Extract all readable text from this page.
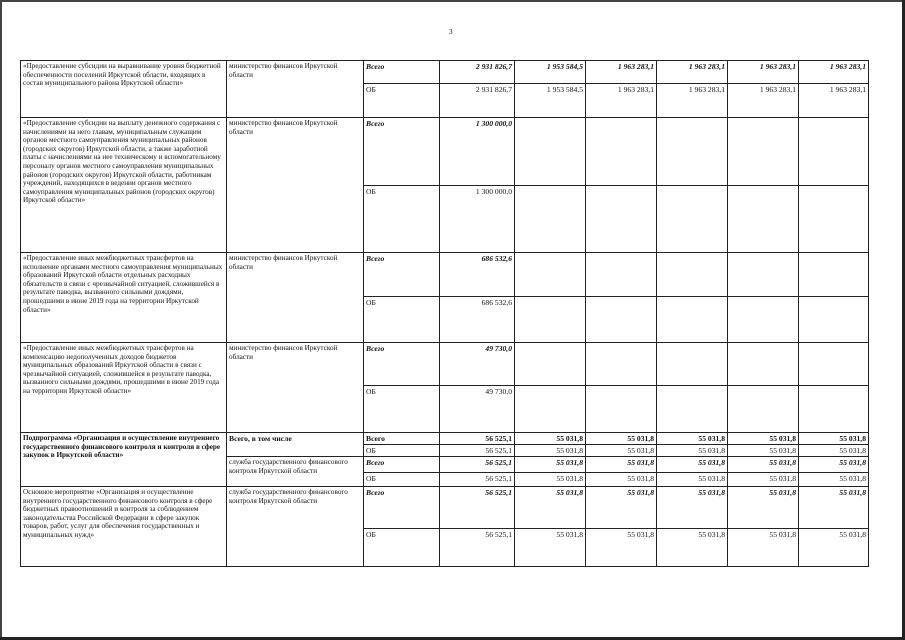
3
«Предоставление субсидии на выравнивание уровня бюджетной обеспеченности поселений Иркутской области, входящих в состав муниципального района Иркутской области»	министерство финансов Иркутской области	Всего	2 931 826,7	1 953 584,5	1 963 283,1	1 963 283,1	1 963 283,1	1 963 283,1
		ОБ	2 931 826,7	1 953 584,5	1 963 283,1	1 963 283,1	1 963 283,1	1 963 283,1
«Предоставление субсидии на выплату денежного содержания с начислениями на него главам, муниципальным служащим органов местного самоуправления муниципальных районов (городских округов) Иркутской области, а также заработной платы с начислениями на нее техническому и вспомогательному персоналу органов местного самоуправления муниципальных районов (городских округов) Иркутской области, работникам учреждений, находящихся в ведении органов местного самоуправления муниципальных районов (городских округов) Иркутской области»	министерство финансов Иркутской области	Всего	1 300 000,0					
		ОБ	1 300 000,0					
«Предоставление иных межбюджетных трансфертов на исполнение органами местного самоуправления муниципальных образований Иркутской области отдельных расходных обязательств в связи с чрезвычайной ситуацией, сложившейся в результате паводка, вызванного сильными дождями, прошедшими в июне 2019 года на территории Иркутской области»	министерство финансов Иркутской области	Всего	686 532,6					
		ОБ	686 532,6					
«Предоставление иных межбюджетных трансфертов на компенсацию недополученных доходов бюджетов муниципальных образований Иркутской области в связи с чрезвычайной ситуацией, сложившейся в результате паводка, вызванного сильными дождями, прошедшими в июне 2019 года на территории Иркутской области»	министерство финансов Иркутской области	Всего	49 730,0					
		ОБ	49 730,0					
Подпрограмма «Организация и осуществление внутреннего государственного финансового контроля и контроля в сфере закупок в Иркутской области»	Всего, в том числе	Всего	56 525,1	55 031,8	55 031,8	55 031,8	55 031,8	55 031,8
		ОБ	56 525,1	55 031,8	55 031,8	55 031,8	55 031,8	55 031,8
	служба государственного финансового контроля Иркутской области	Всего	56 525,1	55 031,8	55 031,8	55 031,8	55 031,8	55 031,8
		ОБ	56 525,1	55 031,8	55 031,8	55 031,8	55 031,8	55 031,8
Основное мероприятие «Организация и осуществление внутреннего государственного финансового контроля в сфере бюджетных правоотношений и контроля за соблюдением законодательства Российской Федерации в сфере закупок товаров, работ, услуг для обеспечения государственных и муниципальных нужд»	служба государственного финансового контроля Иркутской области	Всего	56 525,1	55 031,8	55 031,8	55 031,8	55 031,8	55 031,8
		ОБ	56 525,1	55 031,8	55 031,8	55 031,8	55 031,8	55 031,8
